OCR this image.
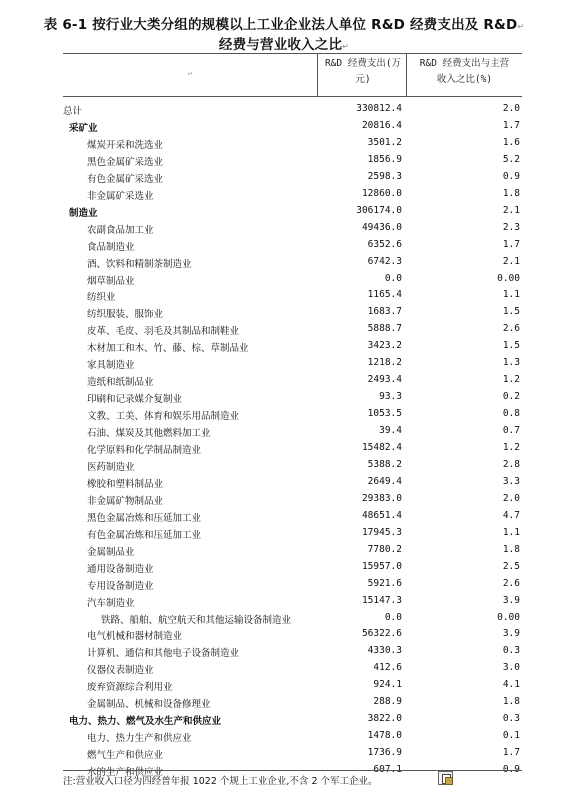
表 6-1 按行业大类分组的规模以上工业企业法人单位 R&D 经费支出及 R&D↵
经费与营业收入之比↵
↵
R&D 经费支出(万
元)
R&D 经费支出与主营
收入之比(%)
总计	330812.4	2.0
采矿业	20816.4	1.7
煤炭开采和洗选业	3501.2	1.6
黑色金属矿采选业	1856.9	5.2
有色金属矿采选业	2598.3	0.9
非金属矿采选业	12860.0	1.8
制造业	306174.0	2.1
农副食品加工业	49436.0	2.3
食品制造业	6352.6	1.7
酒、饮料和精制茶制造业	6742.3	2.1
烟草制品业	0.0	0.00
纺织业	1165.4	1.1
纺织服装、服饰业	1683.7	1.5
皮革、毛皮、羽毛及其制品和制鞋业	5888.7	2.6
木材加工和木、竹、藤、棕、草制品业	3423.2	1.5
家具制造业	1218.2	1.3
造纸和纸制品业	2493.4	1.2
印刷和记录媒介复制业	93.3	0.2
文教、工美、体育和娱乐用品制造业	1053.5	0.8
石油、煤炭及其他燃料加工业	39.4	0.7
化学原料和化学制品制造业	15482.4	1.2
医药制造业	5388.2	2.8
橡胶和塑料制品业	2649.4	3.3
非金属矿物制品业	29383.0	2.0
黑色金属冶炼和压延加工业	48651.4	4.7
有色金属冶炼和压延加工业	17945.3	1.1
金属制品业	7780.2	1.8
通用设备制造业	15957.0	2.5
专用设备制造业	5921.6	2.6
汽车制造业	15147.3	3.9
铁路、船舶、航空航天和其他运输设备制造业	0.0	0.00
电气机械和器材制造业	56322.6	3.9
计算机、通信和其他电子设备制造业	4330.3	0.3
仪器仪表制造业	412.6	3.0
废弃资源综合利用业	924.1	4.1
金属制品、机械和设备修理业	288.9	1.8
电力、热力、燃气及水生产和供应业	3822.0	0.3
电力、热力生产和供应业	1478.0	0.1
燃气生产和供应业	1736.9	1.7
水的生产和供应业	607.1	0.9
注:营业收入口径为四经普年报 1022 个规上工业企业,不含 2 个军工企业。
